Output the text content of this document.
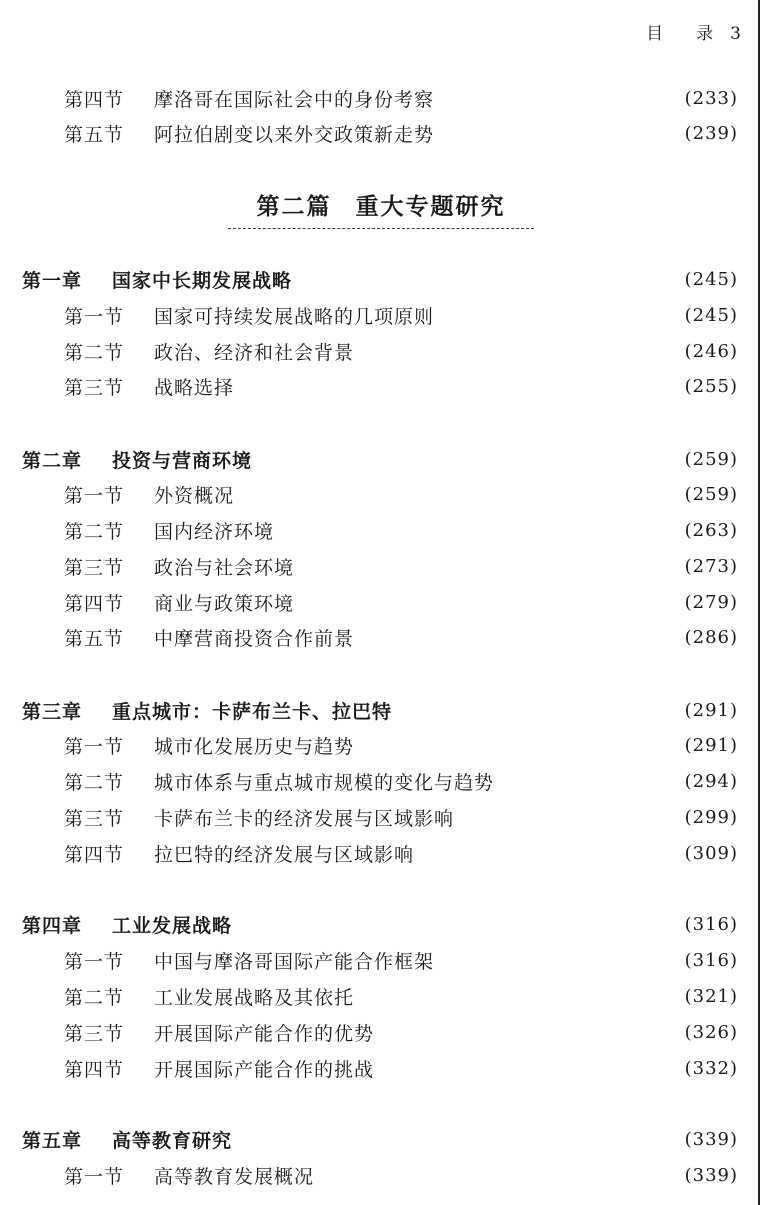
目 录 3
第四节	摩洛哥在国际社会中的身份考察	(233)
第五节	阿拉伯剧变以来外交政策新走势	(239)
第二篇 重大专题研究
第一章	国家中长期发展战略	(245)
第一节	国家可持续发展战略的几项原则	(245)
第二节	政治、经济和社会背景	(246)
第三节	战略选择	(255)
第二章	投资与营商环境	(259)
第一节	外资概况	(259)
第二节	国内经济环境	(263)
第三节	政治与社会环境	(273)
第四节	商业与政策环境	(279)
第五节	中摩营商投资合作前景	(286)
第三章	重点城市：卡萨布兰卡、拉巴特	(291)
第一节	城市化发展历史与趋势	(291)
第二节	城市体系与重点城市规模的变化与趋势	(294)
第三节	卡萨布兰卡的经济发展与区域影响	(299)
第四节	拉巴特的经济发展与区域影响	(309)
第四章	工业发展战略	(316)
第一节	中国与摩洛哥国际产能合作框架	(316)
第二节	工业发展战略及其依托	(321)
第三节	开展国际产能合作的优势	(326)
第四节	开展国际产能合作的挑战	(332)
第五章	高等教育研究	(339)
第一节	高等教育发展概况	(339)
